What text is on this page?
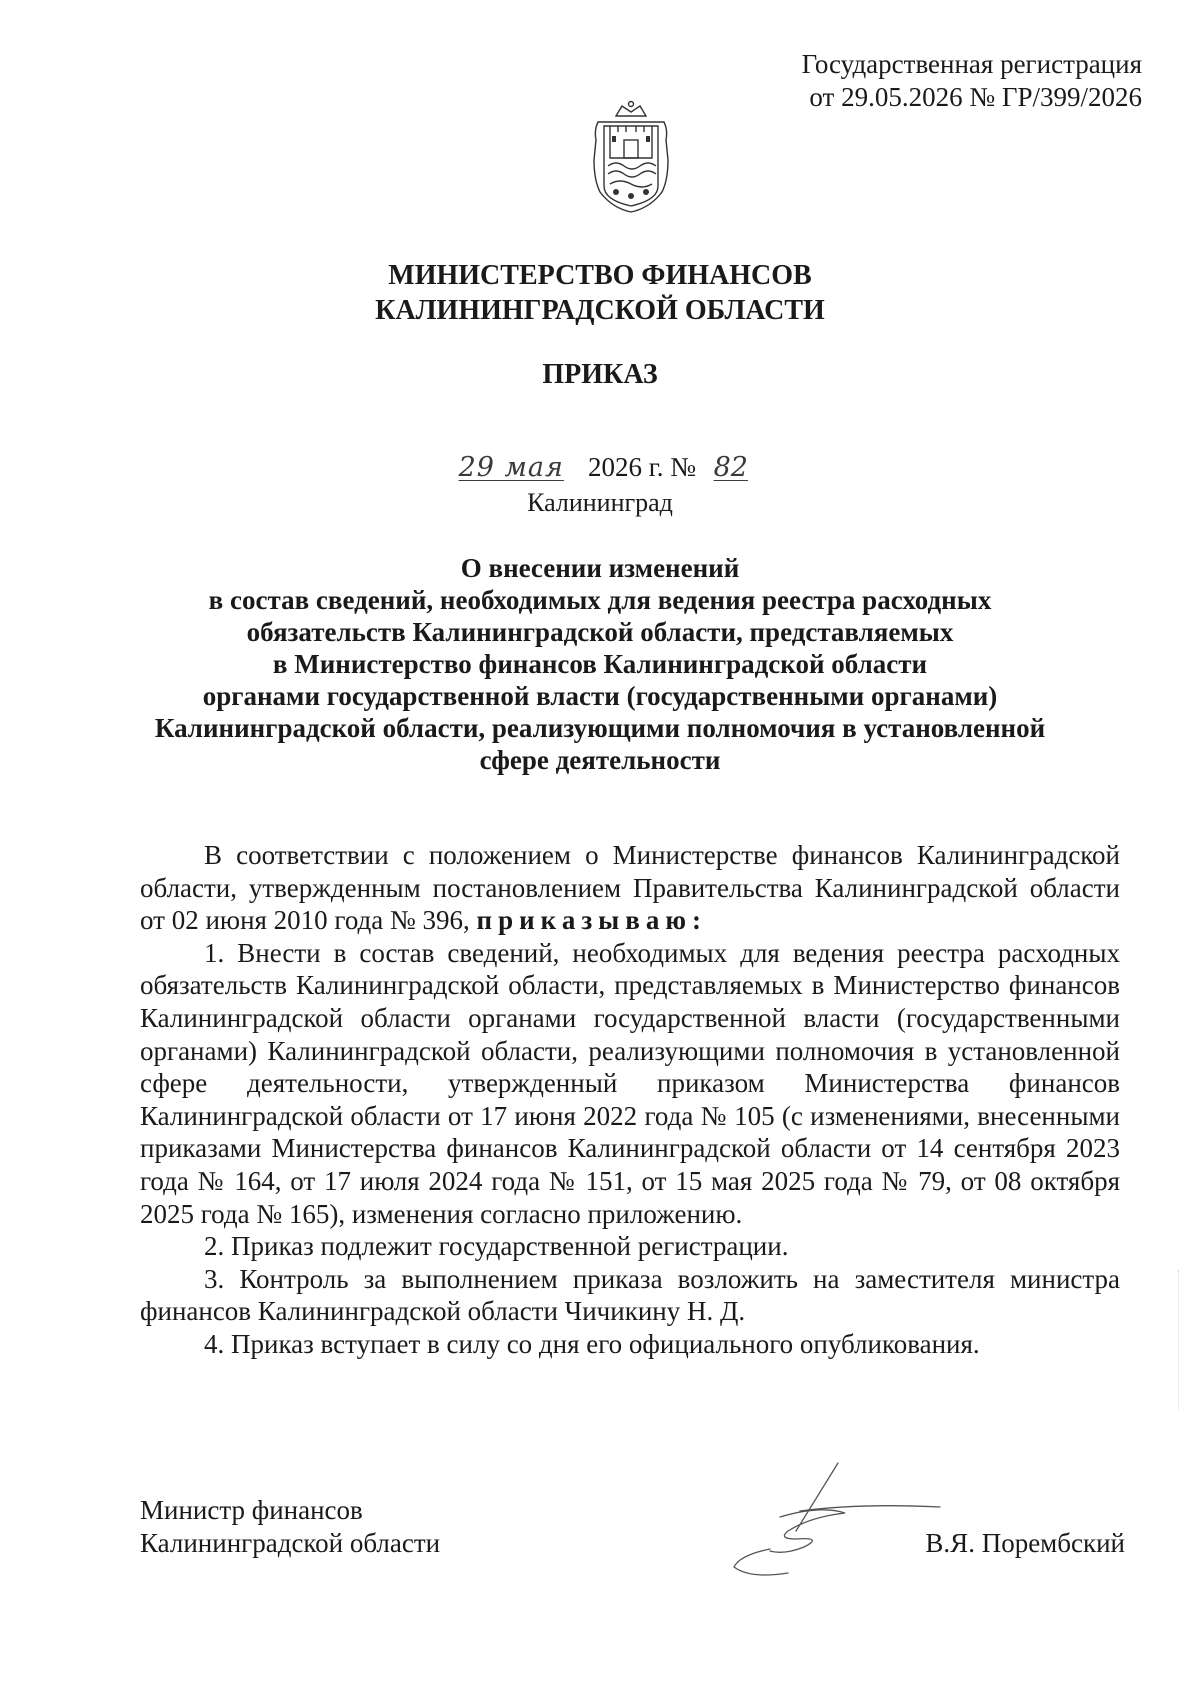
Государственная регистрация
от 29.05.2026 № ГР/399/2026
МИНИСТЕРСТВО ФИНАНСОВ
КАЛИНИНГРАДСКОЙ ОБЛАСТИ
ПРИКАЗ
29 мая 2026 г. № 82
Калининград
О внесении изменений
в состав сведений, необходимых для ведения реестра расходных
обязательств Калининградской области, представляемых
в Министерство финансов Калининградской области
органами государственной власти (государственными органами)
Калининградской области, реализующими полномочия в установленной
сфере деятельности

В соответствии с положением о Министерстве финансов Калининградской области, утвержденным постановлением Правительства Калининградской области от 02 июня 2010 года № 396, приказываю:

1. Внести в состав сведений, необходимых для ведения реестра расходных обязательств Калининградской области, представляемых в Министерство финансов Калининградской области органами государственной власти (государственными органами) Калининградской области, реализующими полномочия в установленной сфере деятельности, утвержденный приказом Министерства финансов Калининградской области от 17 июня 2022 года № 105 (с изменениями, внесенными приказами Министерства финансов Калининградской области от 14 сентября 2023 года № 164, от 17 июля 2024 года № 151, от 15 мая 2025 года № 79, от 08 октября 2025 года № 165), изменения согласно приложению.

2. Приказ подлежит государственной регистрации.

3. Контроль за выполнением приказа возложить на заместителя министра финансов Калининградской области Чичикину Н. Д.

4. Приказ вступает в силу со дня его официального опубликования.

Министр финансов
Калининградской области	В.Я. Порембский
